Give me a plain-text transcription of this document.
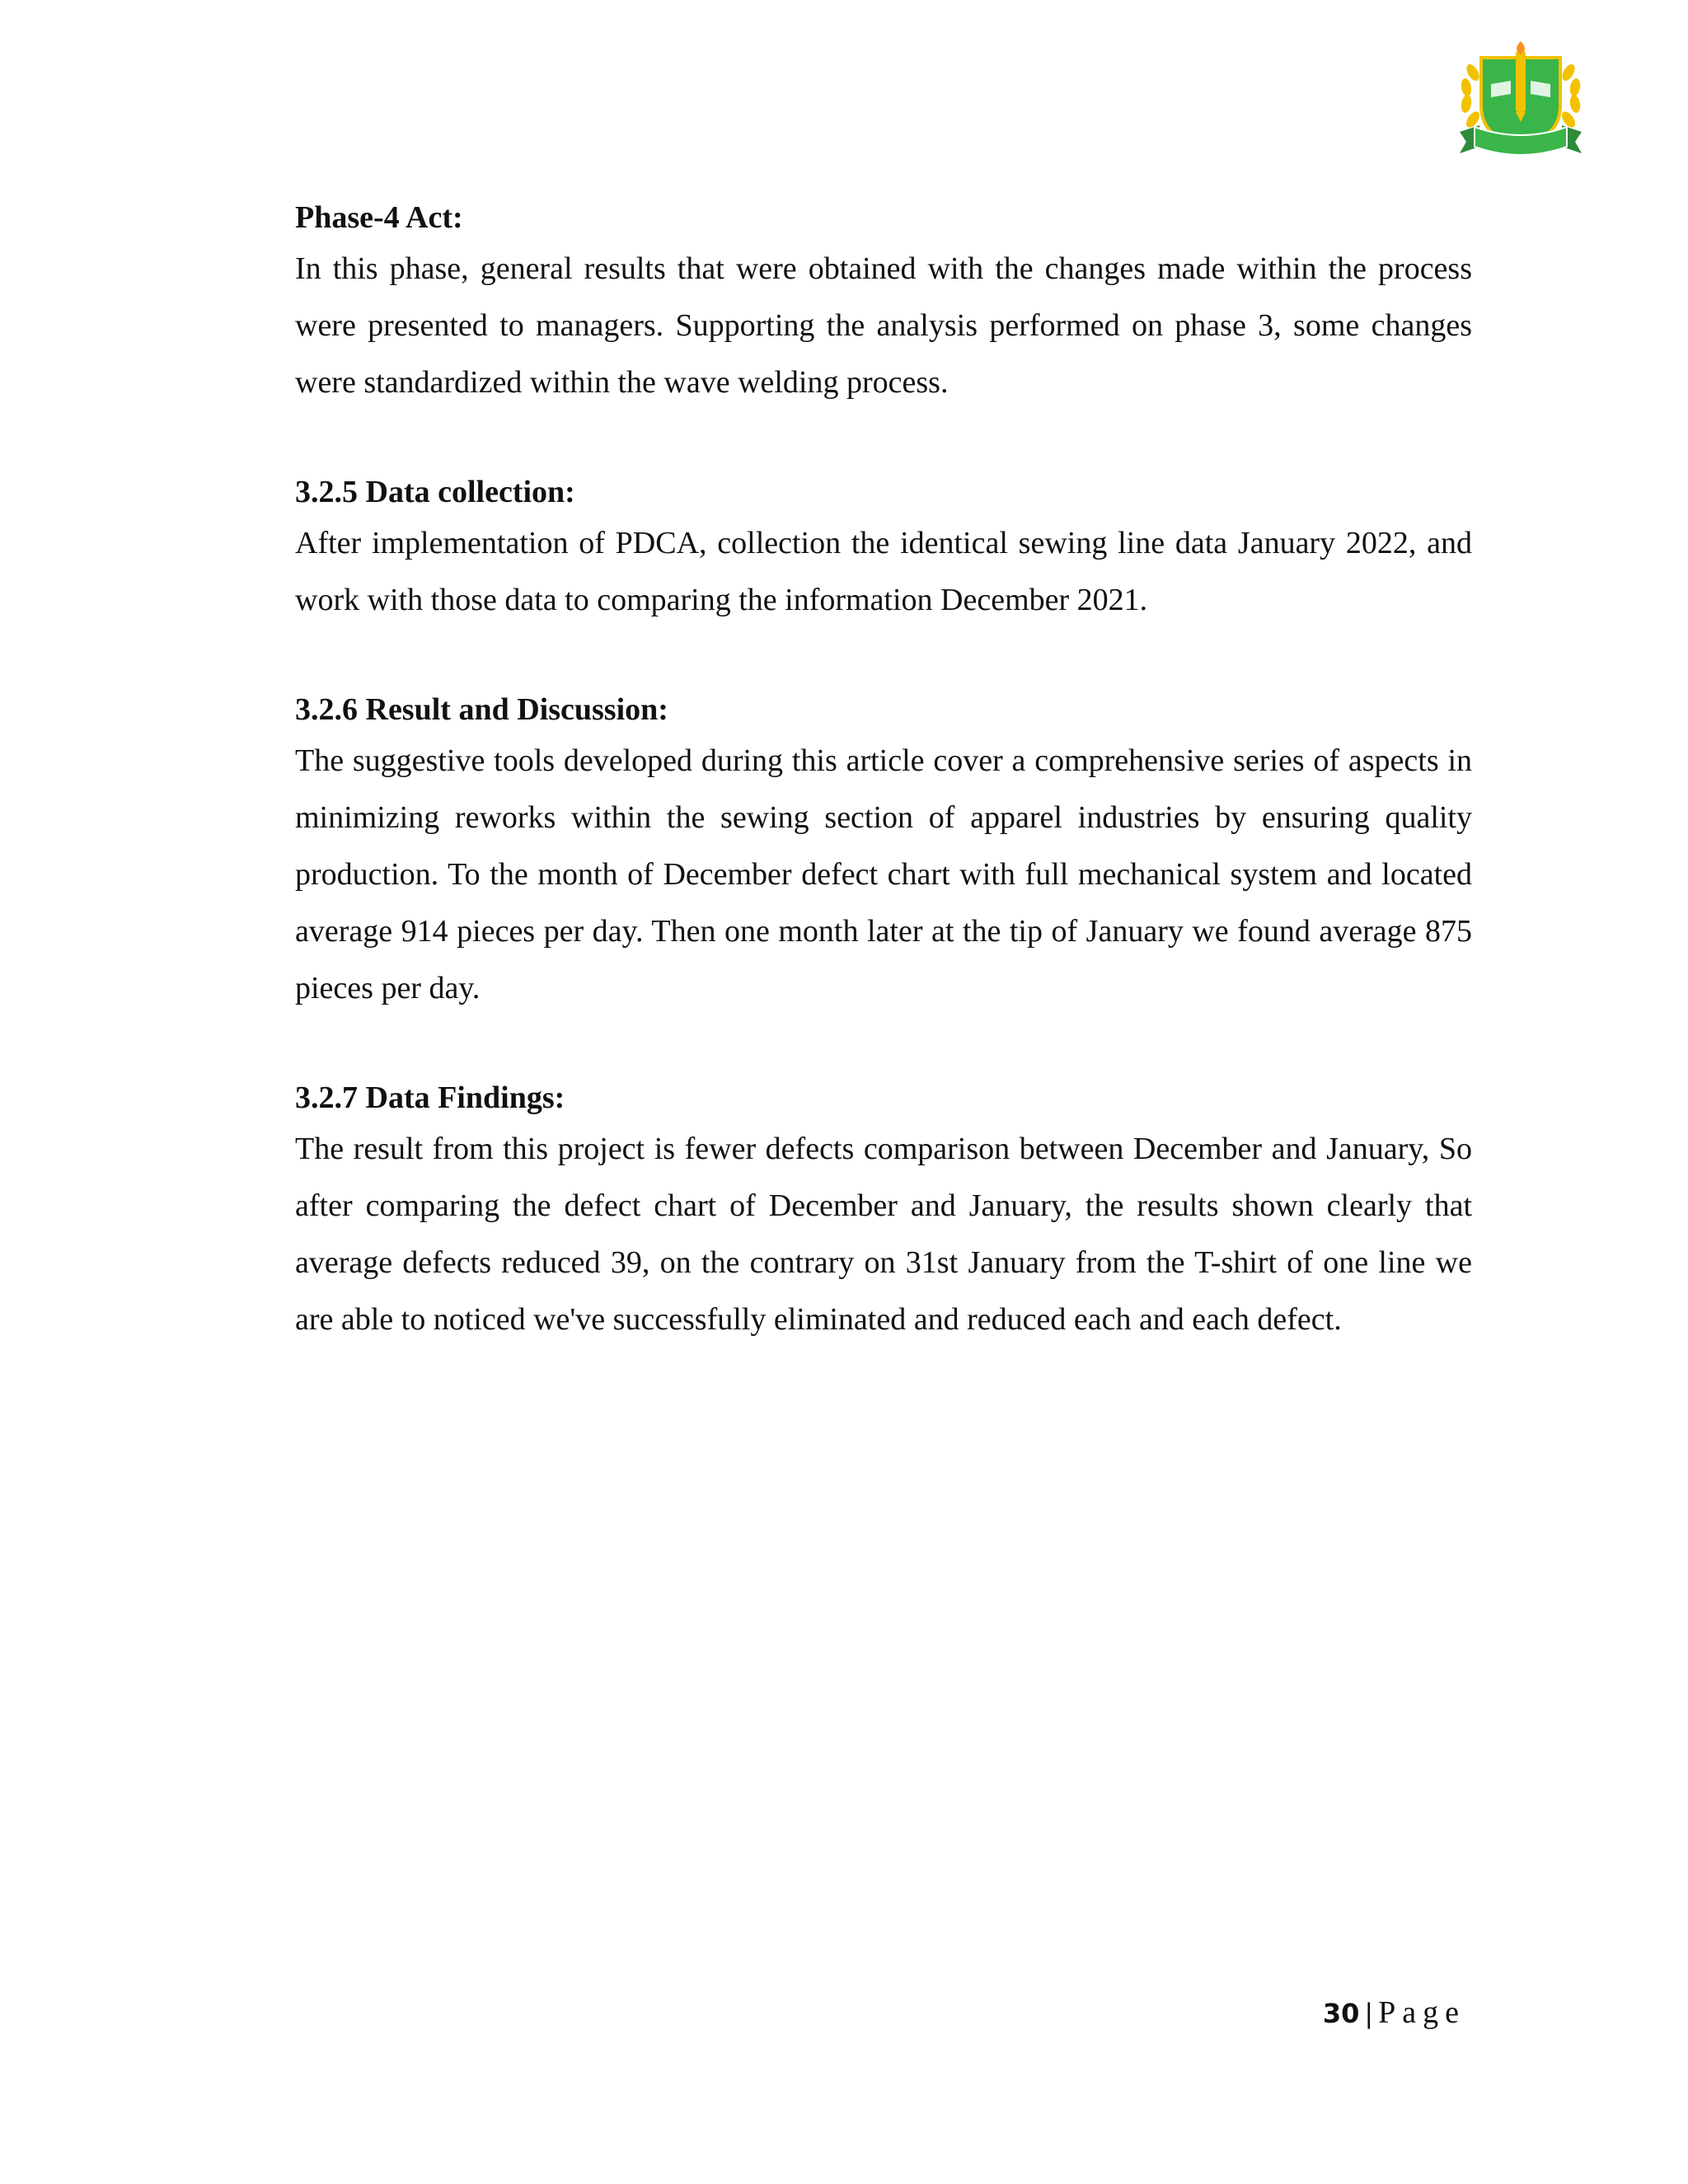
Phase-4 Act:

In this phase, general results that were obtained with the changes made within the process were presented to managers. Supporting the analysis performed on phase 3, some changes were standardized within the wave welding process.

3.2.5 Data collection:

After implementation of PDCA, collection the identical sewing line data January 2022, and work with those data to comparing the information December 2021.

3.2.6 Result and Discussion:

The suggestive tools developed during this article cover a comprehensive series of aspects in minimizing reworks within the sewing section of apparel industries by ensuring quality production. To the month of December defect chart with full mechanical system and located average 914 pieces per day. Then one month later at the tip of January we found average 875 pieces per day.

3.2.7 Data Findings:

The result from this project is fewer defects comparison between December and January, So after comparing the defect chart of December and January, the results shown clearly that average defects reduced 39, on the contrary on 31st January from the T-shirt of one line we are able to noticed we've successfully eliminated and reduced each and each defect.

30 | Page
